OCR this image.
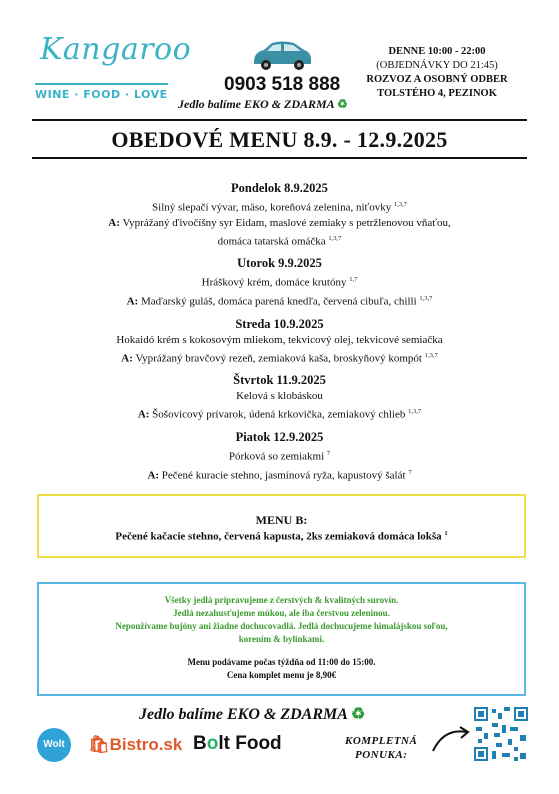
Kangaroo
WINE · FOOD · LOVE	0903 518 888
Jedlo balíme EKO & ZDARMA ♻
DENNE 10:00 - 22:00
(OBJEDNÁVKY DO 21:45)
ROZVOZ A OSOBNÝ ODBER
TOLSTÉHO 4, PEZINOK
OBEDOVÉ MENU 8.9. - 12.9.2025
Pondelok 8.9.2025
Silný slepačí vývar, mäso, koreňová zelenina, niťovky $^{1,3,7}$
A: Vyprážaný ďivočíšny syr Eidam, maslové zemiaky s petržlenovou vňaťou,
domáca tatarská omáčka $^{1,3,7}$
Utorok 9.9.2025
Hráškový krém, domáce krutóny $^{1,7}$
A: Maďarský guláš, domáca parená knedľa, červená cibuľa, chilli $^{1,3,7}$
Streda 10.9.2025
Hokaidó krém s kokosovým mliekom, tekvicový olej, tekvicové semiačka
A: Vyprážaný bravčový rezeň, zemiaková kaša, broskyňový kompót $^{1,3,7}$
Štvrtok 11.9.2025
Kelová s klobáskou
A: Šošovicový prívarok, údená krkovička, zemiakový chlieb $^{1,3,7}$
Piatok 12.9.2025
Pórková so zemiakmi $^7$
A: Pečené kuracie stehno, jasmínová ryža, kapustový šalát $^7$
MENU B:
Pečené kačacie stehno, červená kapusta, 2ks zemiaková domáca lokša $^1$
Všetky jedlá pripravujeme z čerstvých & kvalitných surovín.
Jedlá nezahusťujeme múkou, ale iba čerstvou zeleninou.
Nepoužívame bujóny ani žiadne dochucovadlá. Jedlá dochucujeme himalájskou soľou,
korením & bylinkami.
Menu podávame počas týždňa od 11:00 do 15:00.
Cena komplet menu je 8,90€
Jedlo balíme EKO & ZDARMA ♻
Wolt	🛍Bistro.sk Bolt Food	KOMPLETNÁ
PONUKA:
